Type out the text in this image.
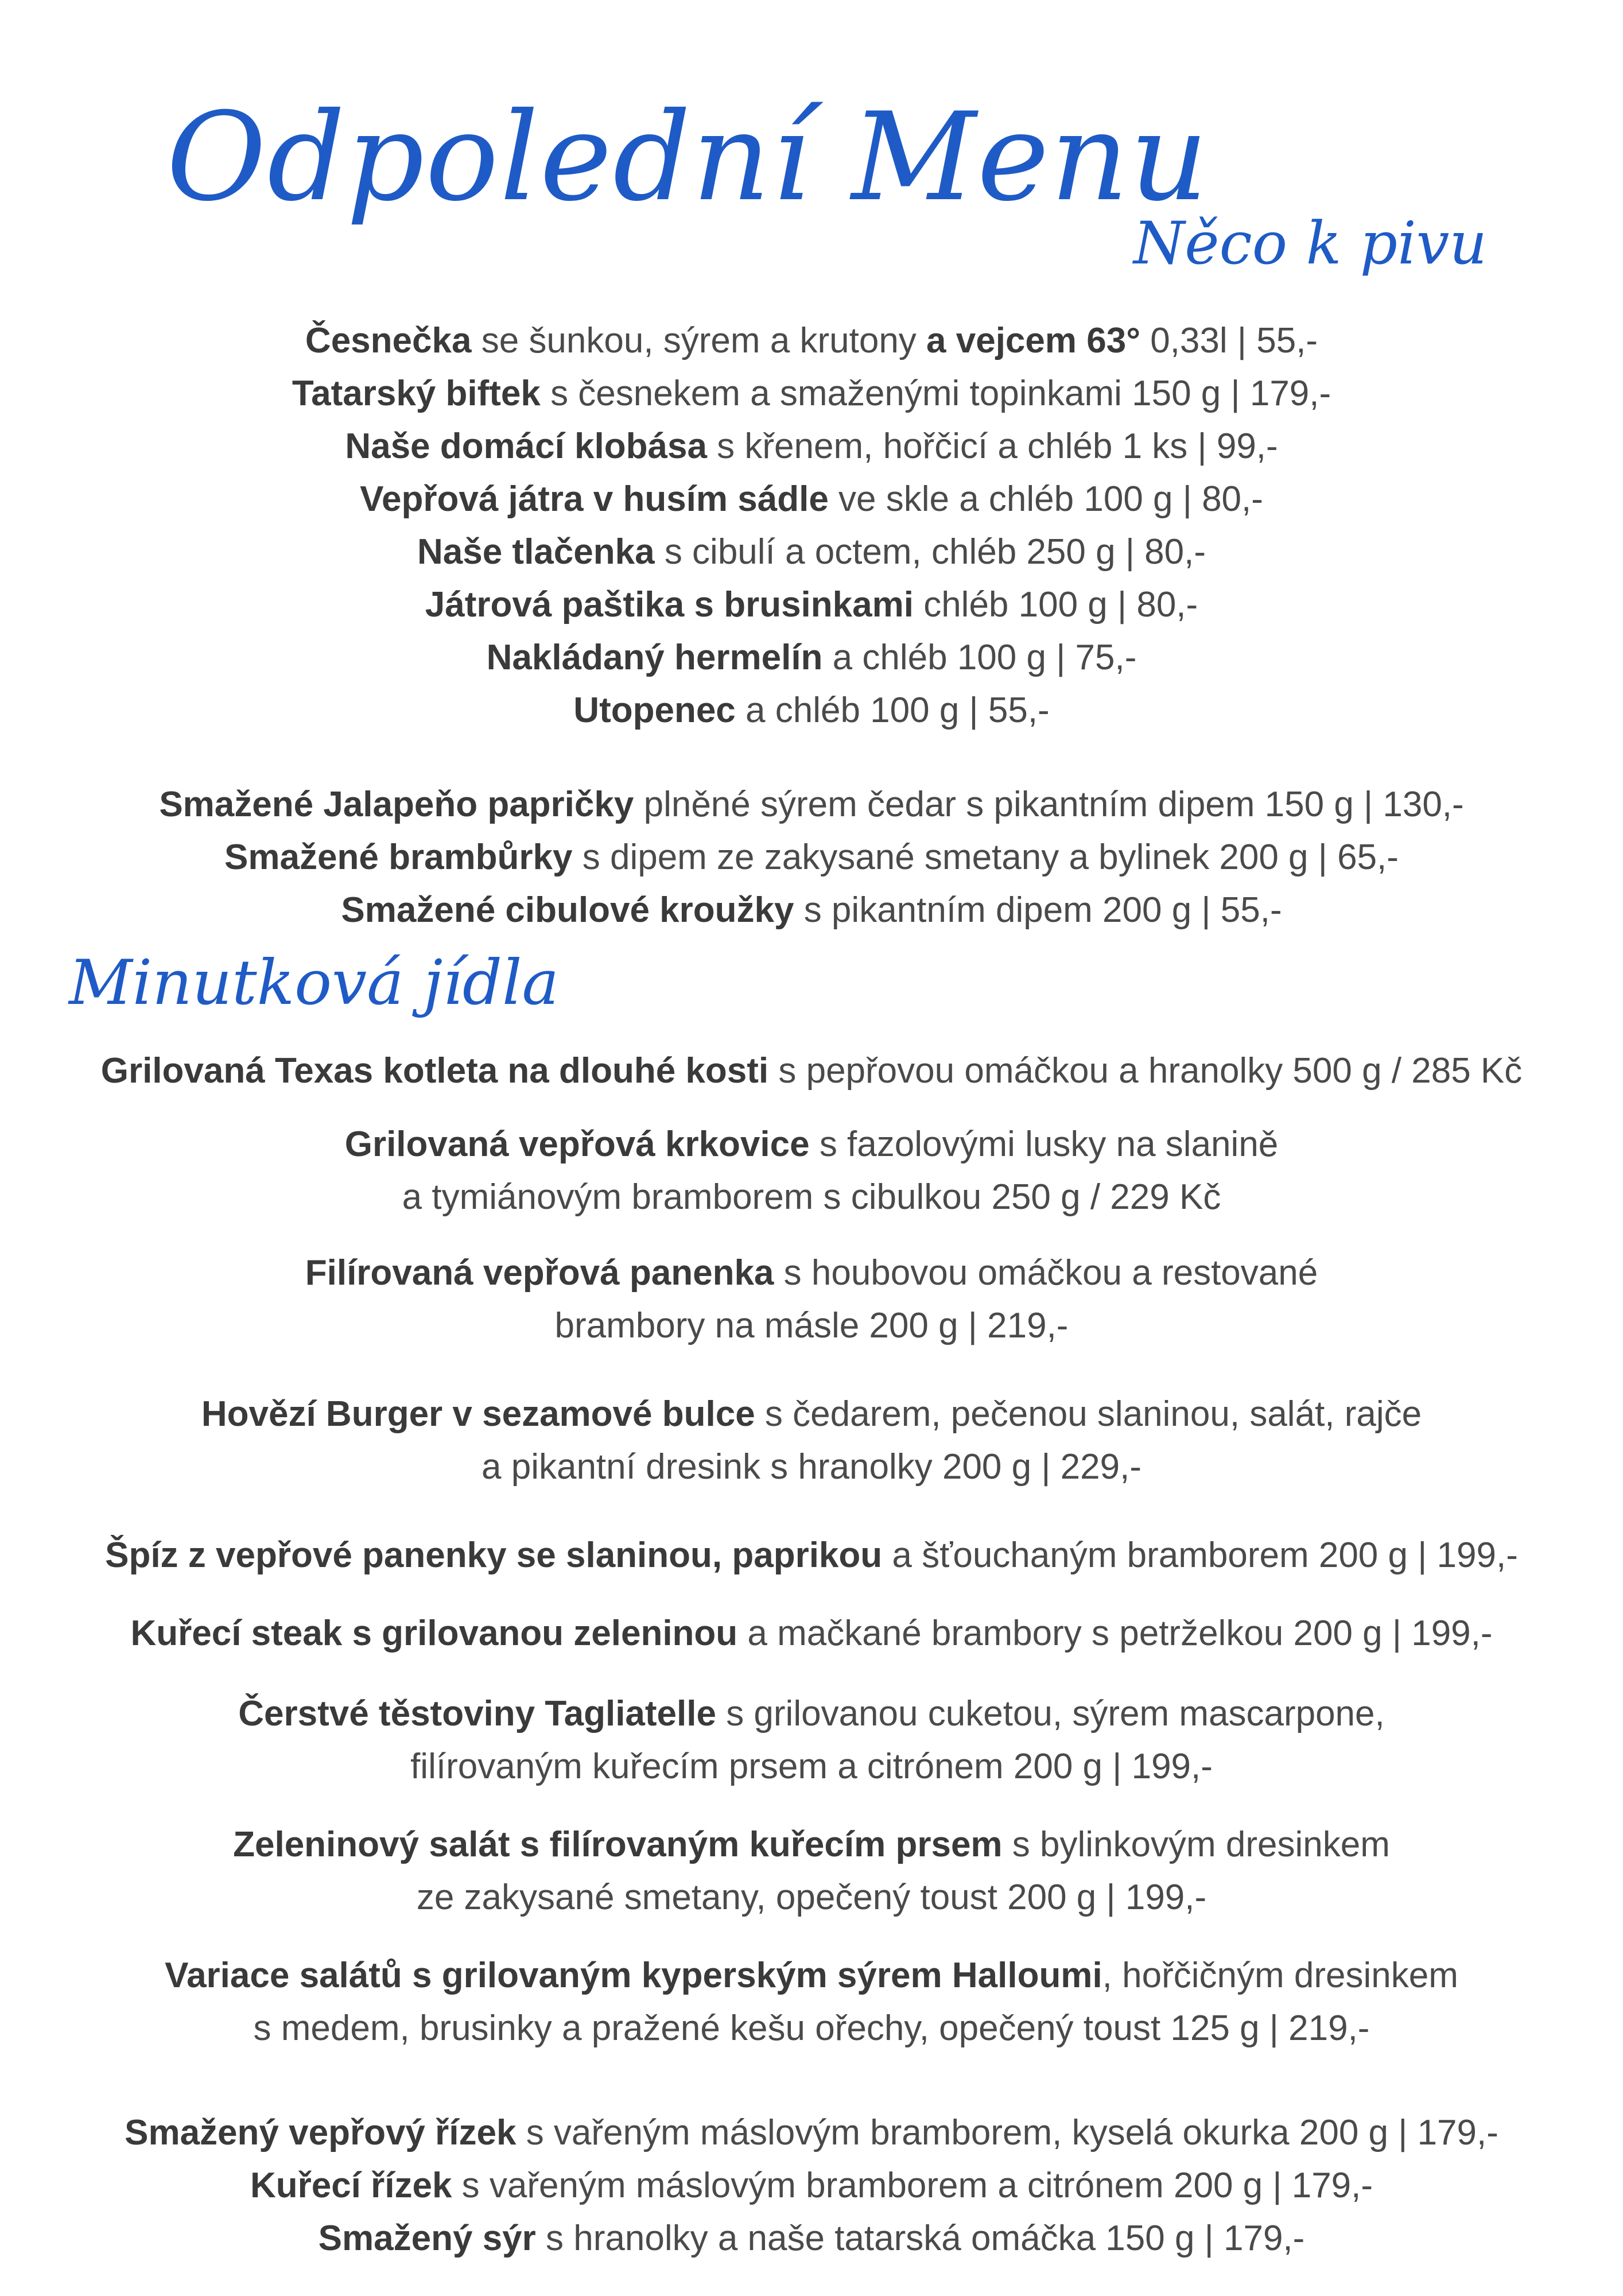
Odpolední Menu
Něco k pivu
Minutková jídla
Česnečka se šunkou, sýrem a krutony a vejcem 63° 0,33l | 55,-
Tatarský biftek s česnekem a smaženými topinkami 150 g | 179,-
Naše domácí klobása s křenem, hořčicí a chléb 1 ks | 99,-
Vepřová játra v husím sádle ve skle a chléb 100 g | 80,-
Naše tlačenka s cibulí a octem, chléb 250 g | 80,-
Játrová paštika s brusinkami chléb 100 g | 80,-
Nakládaný hermelín a chléb 100 g | 75,-
Utopenec a chléb 100 g | 55,-
Smažené Jalapeňo papričky plněné sýrem čedar s pikantním dipem 150 g | 130,-
Smažené brambůrky s dipem ze zakysané smetany a bylinek 200 g | 65,-
Smažené cibulové kroužky s pikantním dipem 200 g | 55,-
Grilovaná Texas kotleta na dlouhé kosti s pepřovou omáčkou a hranolky 500 g / 285 Kč
Grilovaná vepřová krkovice s fazolovými lusky na slanině
a tymiánovým bramborem s cibulkou 250 g / 229 Kč
Filírovaná vepřová panenka s houbovou omáčkou a restované
brambory na másle 200 g | 219,-
Hovězí Burger v sezamové bulce s čedarem, pečenou slaninou, salát, rajče
a pikantní dresink s hranolky 200 g | 229,-
Špíz z vepřové panenky se slaninou, paprikou a šťouchaným bramborem 200 g | 199,-
Kuřecí steak s grilovanou zeleninou a mačkané brambory s petrželkou 200 g | 199,-
Čerstvé těstoviny Tagliatelle s grilovanou cuketou, sýrem mascarpone,
filírovaným kuřecím prsem a citrónem 200 g | 199,-
Zeleninový salát s filírovaným kuřecím prsem s bylinkovým dresinkem
ze zakysané smetany, opečený toust 200 g | 199,-
Variace salátů s grilovaným kyperským sýrem Halloumi, hořčičným dresinkem
s medem, brusinky a pražené kešu ořechy, opečený toust 125 g | 219,-
Smažený vepřový řízek s vařeným máslovým bramborem, kyselá okurka 200 g | 179,-
Kuřecí řízek s vařeným máslovým bramborem a citrónem 200 g | 179,-
Smažený sýr s hranolky a naše tatarská omáčka 150 g | 179,-
